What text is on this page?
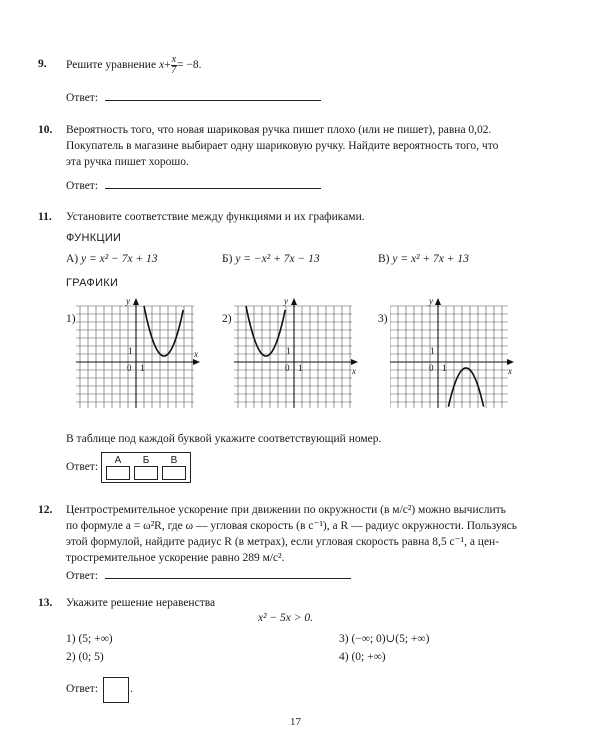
9. Решите уравнение $x+ \frac{x}{7} = -8$.
Ответ:
10. Вероятность того, что новая шариковая ручка пишет плохо (или не пишет), равна 0,02.
Покупатель в магазине выбирает одну шариковую ручку. Найдите вероятность того, что
эта ручка пишет хорошо.
Ответ:
11. Установите соответствие между функциями и их графиками.
ФУНКЦИИ
А) y = x² − 7x + 13	Б) y = −x² + 7x − 13	В) y = x² + 7x + 13
ГРАФИКИ
1)
x
y
0 1
1
2)
x
y
0 1
1
3)
x
y
0 1
1
В таблице под каждой буквой укажите соответствующий номер.
Ответ:
А	Б	В

12. Центростремительное ускорение при движении по окружности (в м/с²) можно вычислить
по формуле a = ω²R, где ω — угловая скорость (в с⁻¹), а R — радиус окружности. Пользуясь
этой формулой, найдите радиус R (в метрах), если угловая скорость равна 8,5 с⁻¹, а цен-
тростремительное ускорение равно 289 м/с².
Ответ:
13. Укажите решение неравенства
x² − 5x > 0.
1) (5; +∞)
2) (0; 5)
3) (−∞; 0)∪(5; +∞)
4) (0; +∞)
Ответ:	.
17
